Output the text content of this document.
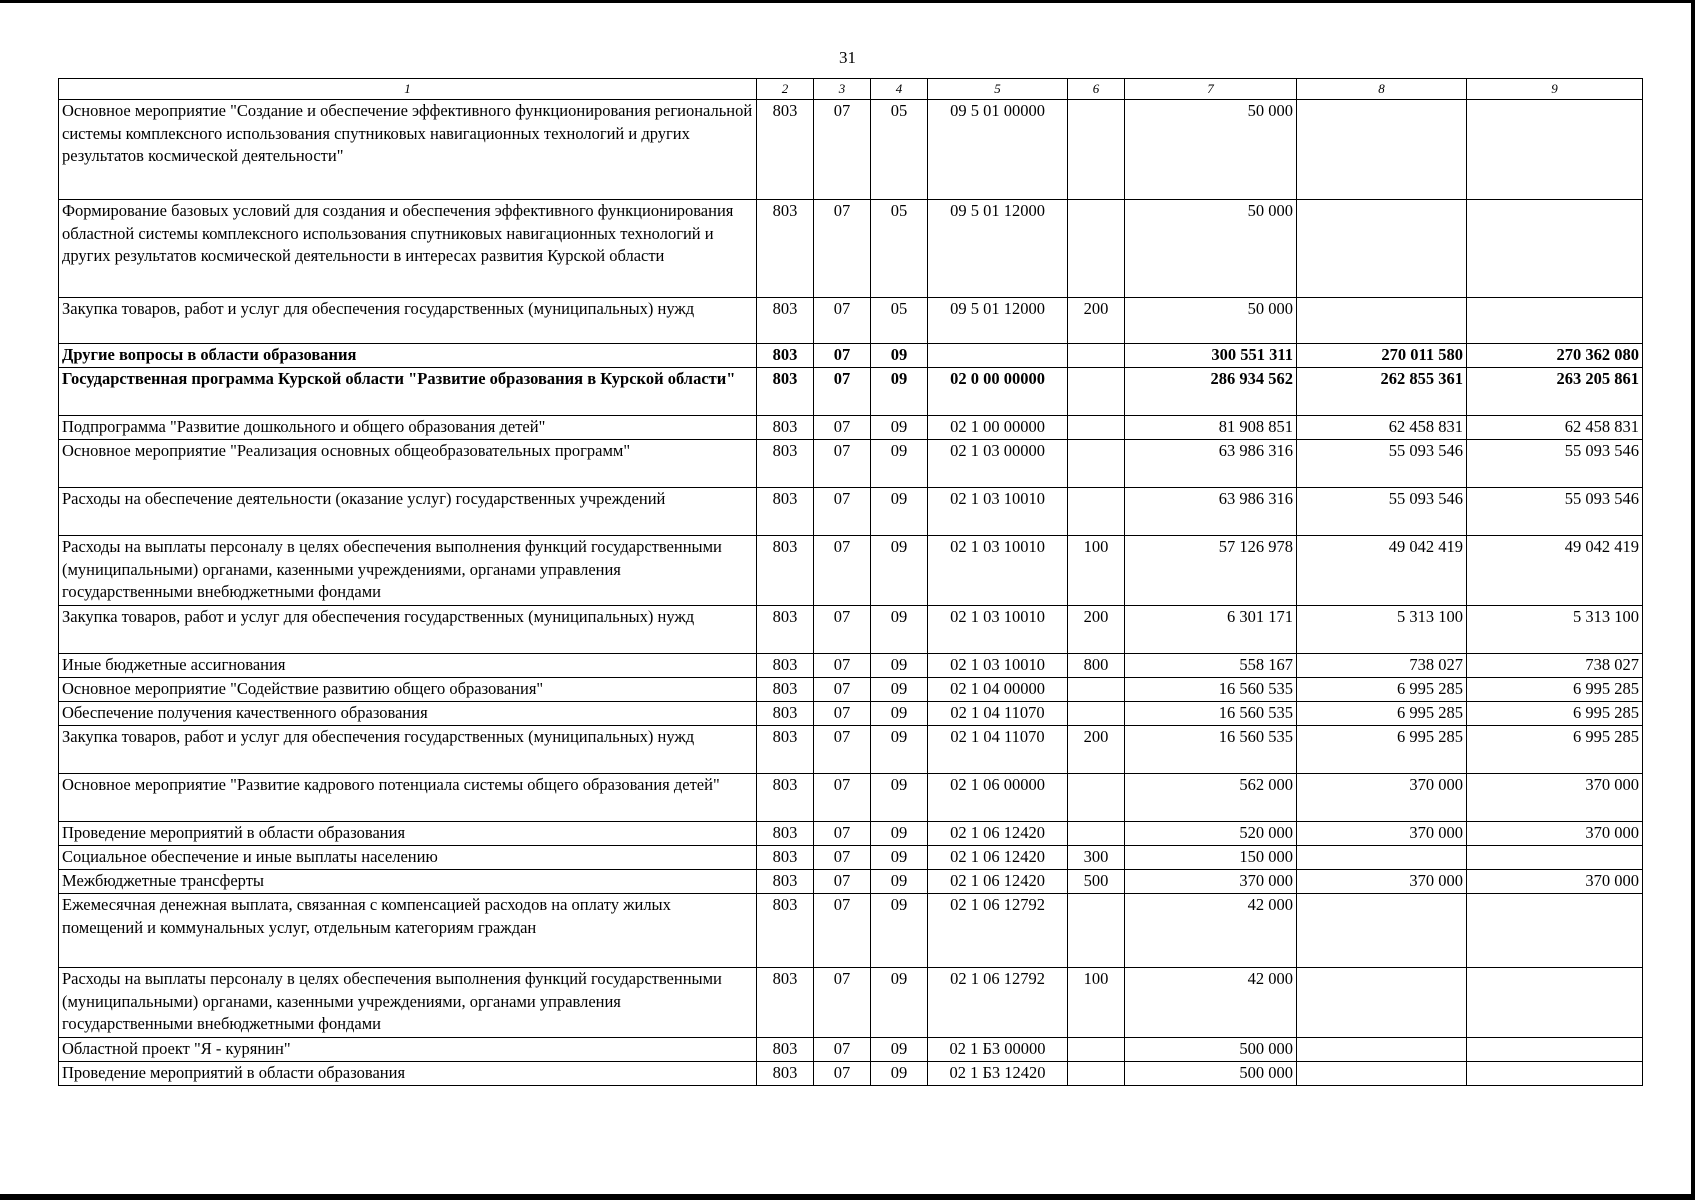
31
1	2	3	4	5	6	7	8	9
Основное мероприятие "Создание и обеспечение эффективного функционирования региональной системы комплексного использования спутниковых навигационных технологий и других результатов космической деятельности"	803	07	05	09 5 01 00000		50 000		
Формирование базовых условий для создания и обеспечения эффективного функционирования областной системы комплексного использования спутниковых навигационных технологий и других результатов космической деятельности в интересах развития Курской области	803	07	05	09 5 01 12000		50 000		
Закупка товаров, работ и услуг для обеспечения государственных (муниципальных) нужд	803	07	05	09 5 01 12000	200	50 000		
Другие вопросы в области образования	803	07	09			300 551 311	270 011 580	270 362 080
Государственная программа Курской области "Развитие образования в Курской области"	803	07	09	02 0 00 00000		286 934 562	262 855 361	263 205 861
Подпрограмма "Развитие дошкольного и общего образования детей"	803	07	09	02 1 00 00000		81 908 851	62 458 831	62 458 831
Основное мероприятие "Реализация основных общеобразовательных программ"	803	07	09	02 1 03 00000		63 986 316	55 093 546	55 093 546
Расходы на обеспечение деятельности (оказание услуг) государственных учреждений	803	07	09	02 1 03 10010		63 986 316	55 093 546	55 093 546
Расходы на выплаты персоналу в целях обеспечения выполнения функций государственными (муниципальными) органами, казенными учреждениями, органами управления государственными внебюджетными фондами	803	07	09	02 1 03 10010	100	57 126 978	49 042 419	49 042 419
Закупка товаров, работ и услуг для обеспечения государственных (муниципальных) нужд	803	07	09	02 1 03 10010	200	6 301 171	5 313 100	5 313 100
Иные бюджетные ассигнования	803	07	09	02 1 03 10010	800	558 167	738 027	738 027
Основное мероприятие "Содействие развитию общего образования"	803	07	09	02 1 04 00000		16 560 535	6 995 285	6 995 285
Обеспечение получения качественного образования	803	07	09	02 1 04 11070		16 560 535	6 995 285	6 995 285
Закупка товаров, работ и услуг для обеспечения государственных (муниципальных) нужд	803	07	09	02 1 04 11070	200	16 560 535	6 995 285	6 995 285
Основное мероприятие "Развитие кадрового потенциала системы общего образования детей"	803	07	09	02 1 06 00000		562 000	370 000	370 000
Проведение мероприятий в области образования	803	07	09	02 1 06 12420		520 000	370 000	370 000
Социальное обеспечение и иные выплаты населению	803	07	09	02 1 06 12420	300	150 000		
Межбюджетные трансферты	803	07	09	02 1 06 12420	500	370 000	370 000	370 000
Ежемесячная денежная выплата, связанная с компенсацией расходов на оплату жилых помещений и коммунальных услуг, отдельным категориям граждан	803	07	09	02 1 06 12792		42 000		
Расходы на выплаты персоналу в целях обеспечения выполнения функций государственными (муниципальными) органами, казенными учреждениями, органами управления государственными внебюджетными фондами	803	07	09	02 1 06 12792	100	42 000		
Областной проект "Я - курянин"	803	07	09	02 1 Б3 00000		500 000		
Проведение мероприятий в области образования	803	07	09	02 1 Б3 12420		500 000		
